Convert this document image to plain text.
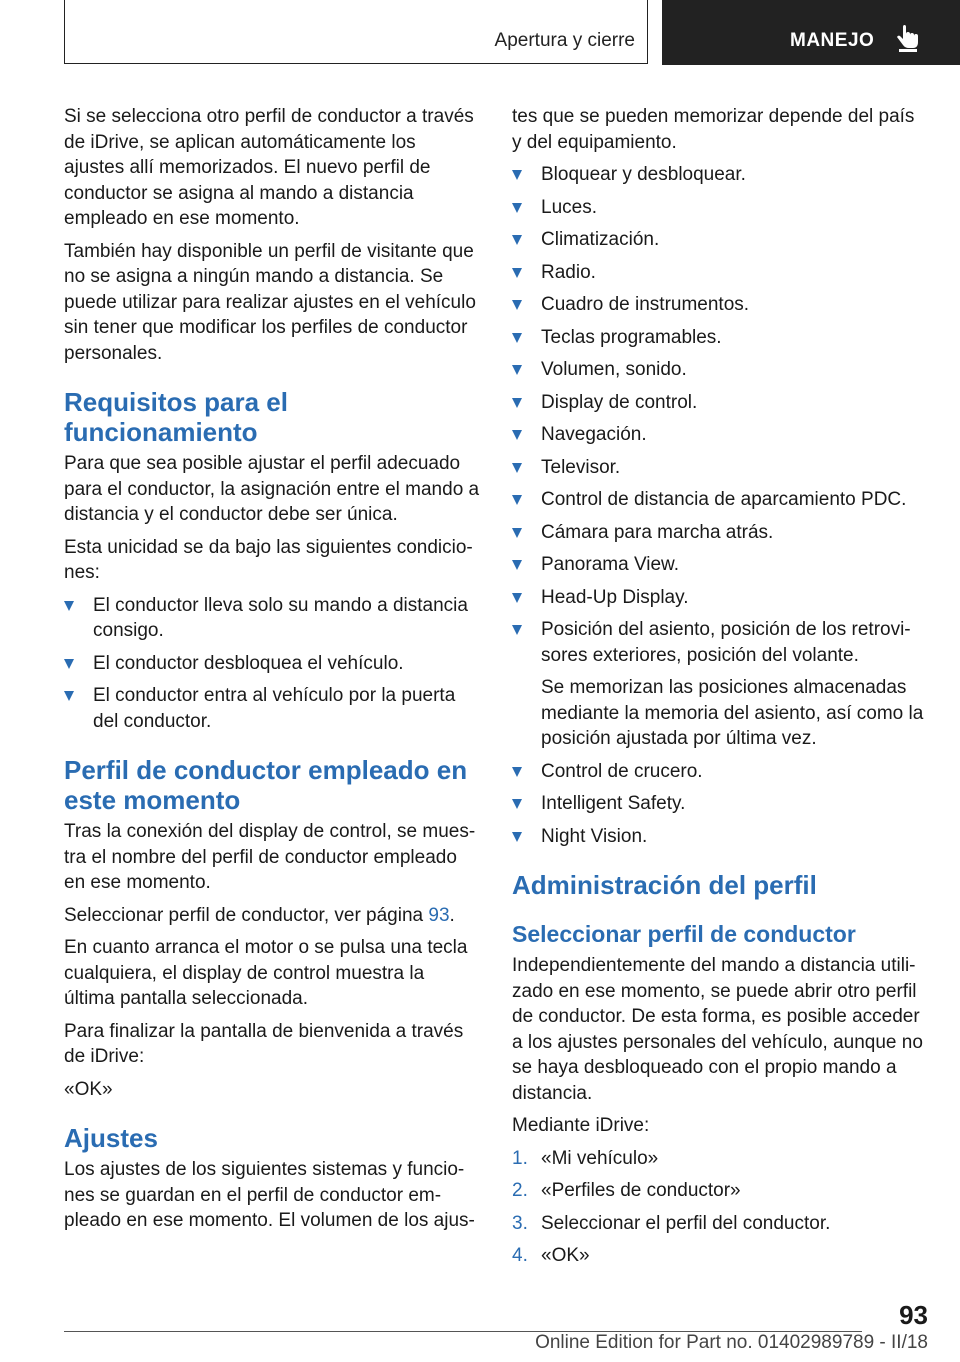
Apertura y cierre	MANEJO

Si se selecciona otro perfil de conductor a través de iDrive, se aplican automáticamente los ajustes allí memorizados. El nuevo perfil de conductor se asigna al mando a distancia empleado en ese momento.

También hay disponible un perfil de visitante que no se asigna a ningún mando a distancia. Se puede utilizar para realizar ajustes en el vehículo sin tener que modificar los perfiles de conductor personales.

Requisitos para el funcionamiento

Para que sea posible ajustar el perfil adecuado para el conductor, la asignación entre el mando a distancia y el conductor debe ser única.

Esta unicidad se da bajo las siguientes condicio‐ nes:

El conductor lleva solo su mando a distancia consigo.
El conductor desbloquea el vehículo.
El conductor entra al vehículo por la puerta del conductor.
Perfil de conductor empleado en este momento

Tras la conexión del display de control, se mues‐ tra el nombre del perfil de conductor empleado en ese momento.

Seleccionar perfil de conductor, ver página 93.

En cuanto arranca el motor o se pulsa una tecla cualquiera, el display de control muestra la última pantalla seleccionada.

Para finalizar la pantalla de bienvenida a través de iDrive:

«OK»

Ajustes

Los ajustes de los siguientes sistemas y funcio‐ nes se guardan en el perfil de conductor em‐ pleado en ese momento. El volumen de los ajus‐

tes que se pueden memorizar depende del país y del equipamiento.

Bloquear y desbloquear.
Luces.
Climatización.
Radio.
Cuadro de instrumentos.
Teclas programables.
Volumen, sonido.
Display de control.
Navegación.
Televisor.
Control de distancia de aparcamiento PDC.
Cámara para marcha atrás.
Panorama View.
Head-Up Display.
Posición del asiento, posición de los retrovi‐ sores exteriores, posición del volante.

Se memorizan las posiciones almacenadas mediante la memoria del asiento, así como la posición ajustada por última vez.

Control de crucero.
Intelligent Safety.
Night Vision.
Administración del perfil
Seleccionar perfil de conductor

Independientemente del mando a distancia utili‐ zado en ese momento, se puede abrir otro perfil de conductor. De esta forma, es posible acceder a los ajustes personales del vehículo, aunque no se haya desbloqueado con el propio mando a distancia.

Mediante iDrive:

1. «Mi vehículo»
2. «Perfiles de conductor»
3. Seleccionar el perfil del conductor.
4. «OK»
93
Online Edition for Part no. 01402989789 - II/18
